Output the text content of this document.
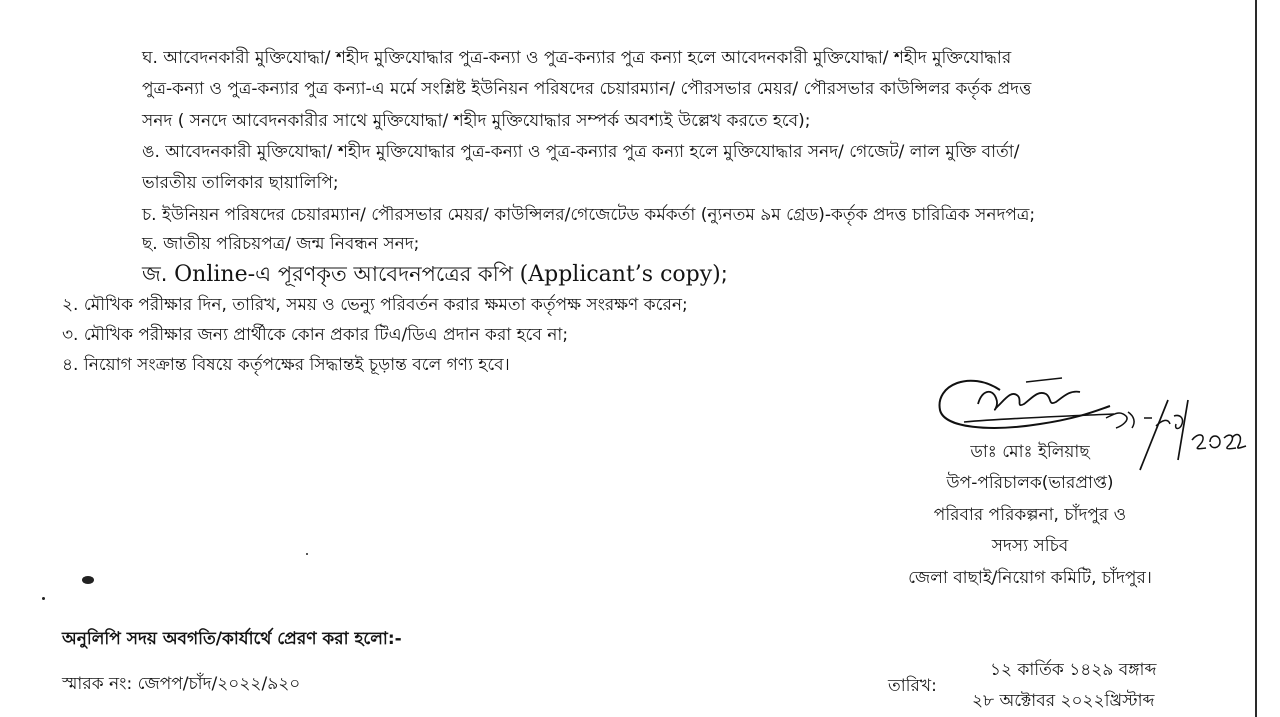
ঘ. আবেদনকারী মুক্তিযোদ্ধা/ শহীদ মুক্তিযোদ্ধার পুত্র-কন্যা ও পুত্র-কন্যার পুত্র কন্যা হলে আবেদনকারী মুক্তিযোদ্ধা/ শহীদ মুক্তিযোদ্ধার
পুত্র-কন্যা ও পুত্র-কন্যার পুত্র কন্যা-এ মর্মে সংশ্লিষ্ট ইউনিয়ন পরিষদের চেয়ারম্যান/ পৌরসভার মেয়র/ পৌরসভার কাউন্সিলর কর্তৃক প্রদত্ত
সনদ ( সনদে আবেদনকারীর সাথে মুক্তিযোদ্ধা/ শহীদ মুক্তিযোদ্ধার সম্পর্ক অবশ্যই উল্লেখ করতে হবে);
ঙ. আবেদনকারী মুক্তিযোদ্ধা/ শহীদ মুক্তিযোদ্ধার পুত্র-কন্যা ও পুত্র-কন্যার পুত্র কন্যা হলে মুক্তিযোদ্ধার সনদ/ গেজেট/ লাল মুক্তি বার্তা/
ভারতীয় তালিকার ছায়ালিপি;
চ. ইউনিয়ন পরিষদের চেয়ারম্যান/ পৌরসভার মেয়র/ কাউন্সিলর/গেজেটেড কর্মকর্তা (ন্যুনতম ৯ম গ্রেড)-কর্তৃক প্রদত্ত চারিত্রিক সনদপত্র;
ছ. জাতীয় পরিচয়পত্র/ জন্ম নিবন্ধন সনদ;
জ. Online-এ পূরণকৃত আবেদনপত্রের কপি (Applicant’s copy);
২. মৌখিক পরীক্ষার দিন, তারিখ, সময় ও ভেন্যু পরিবর্তন করার ক্ষমতা কর্তৃপক্ষ সংরক্ষণ করেন;
৩. মৌখিক পরীক্ষার জন্য প্রার্থীকে কোন প্রকার টিএ/ডিএ প্রদান করা হবে না;
৪. নিয়োগ সংক্রান্ত বিষয়ে কর্তৃপক্ষের সিদ্ধান্তই চূড়ান্ত বলে গণ্য হবে।
ডাঃ মোঃ ইলিয়াছ
উপ-পরিচালক(ভারপ্রাপ্ত)
পরিবার পরিকল্পনা, চাঁদপুর ও
সদস্য সচিব
জেলা বাছাই/নিয়োগ কমিটি, চাঁদপুর।
অনুলিপি সদয় অবগতি/কার্যার্থে প্রেরণ করা হলো:-
স্মারক নং: জেপপ/চাঁদ/২০২২/৯২০	তারিখ:
১২ কার্তিক ১৪২৯ বঙ্গাব্দ
২৮ অক্টোবর ২০২২খ্রিস্টাব্দ
